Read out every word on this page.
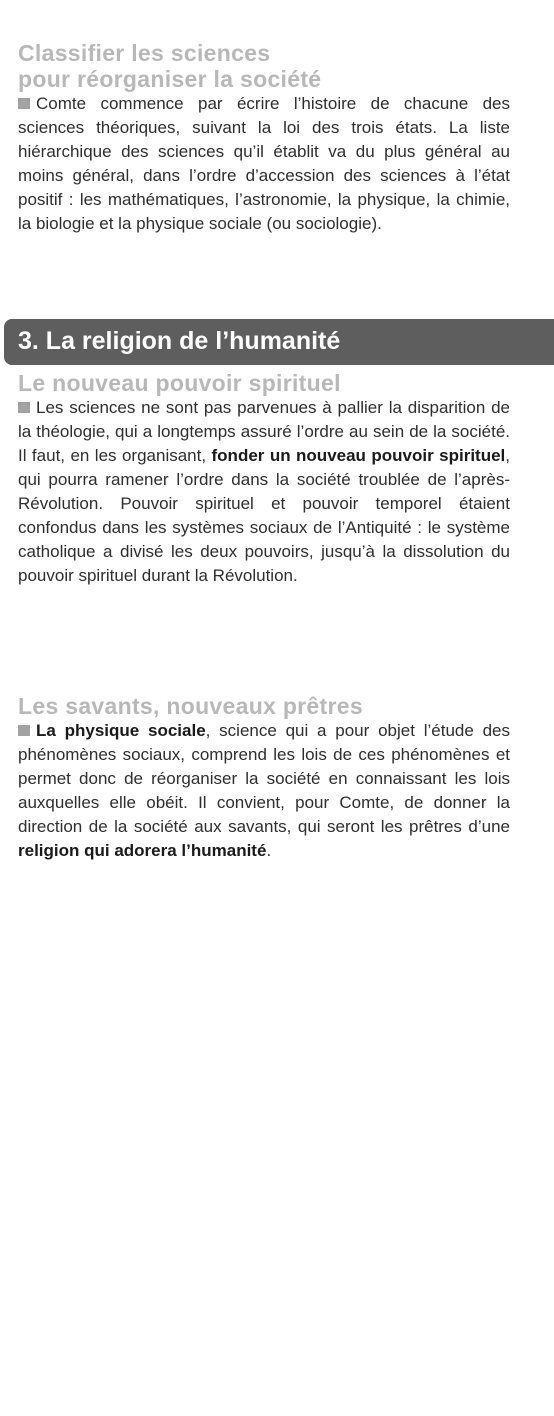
Classifier les sciences
pour réorganiser la société

Comte commence par écrire l’histoire de chacune des sciences théoriques, suivant la loi des trois états. La liste hiérarchique des sciences qu’il établit va du plus général au moins général, dans l’ordre d’accession des sciences à l’état positif : les mathématiques, l’astronomie, la physique, la chimie, la biologie et la physique sociale (ou sociologie).

3. La religion de l’humanité
Le nouveau pouvoir spirituel

Les sciences ne sont pas parvenues à pallier la disparition de la théologie, qui a longtemps assuré l’ordre au sein de la société. Il faut, en les organisant, fonder un nouveau pouvoir spirituel, qui pourra ramener l’ordre dans la société troublée de l’après-Révolution. Pouvoir spirituel et pouvoir temporel étaient confondus dans les systèmes sociaux de l’Antiquité : le système catholique a divisé les deux pouvoirs, jusqu’à la dissolution du pouvoir spirituel durant la Révolution.

Les savants, nouveaux prêtres

La physique sociale, science qui a pour objet l’étude des phénomènes sociaux, comprend les lois de ces phénomènes et permet donc de réorganiser la société en connaissant les lois auxquelles elle obéit. Il convient, pour Comte, de donner la direction de la société aux savants, qui seront les prêtres d’une religion qui adorera l’humanité.
